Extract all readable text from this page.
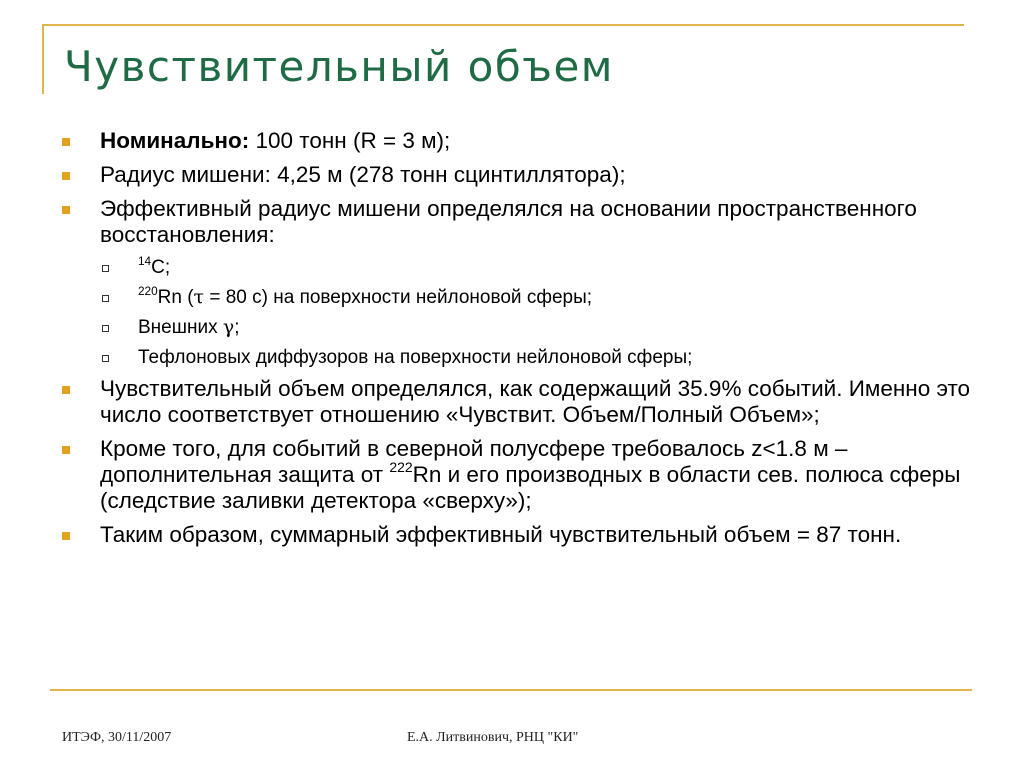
Чувствительный объем
Номинально: 100 тонн (R = 3 м);
Радиус мишени: 4,25 м (278 тонн сцинтиллятора);
Эффективный радиус мишени определялся на основании пространственного восстановления:
$^{14}$C;
$^{220}$Rn (τ = 80 с) на поверхности нейлоновой сферы;
Внешних γ;
Тефлоновых диффузоров на поверхности нейлоновой сферы;
Чувствительный объем определялся, как содержащий 35.9% событий. Именно это число соответствует отношению «Чувствит. Объем/Полный Объем»;
Кроме того, для событий в северной полусфере требовалось z<1.8 м – дополнительная защита от $^{222}$Rn и его производных в области сев. полюса сферы (следствие заливки детектора «сверху»);
Таким образом, суммарный эффективный чувствительный объем = 87 тонн.
ИТЭФ, 30/11/2007	Е.А. Литвинович, РНЦ "КИ"
